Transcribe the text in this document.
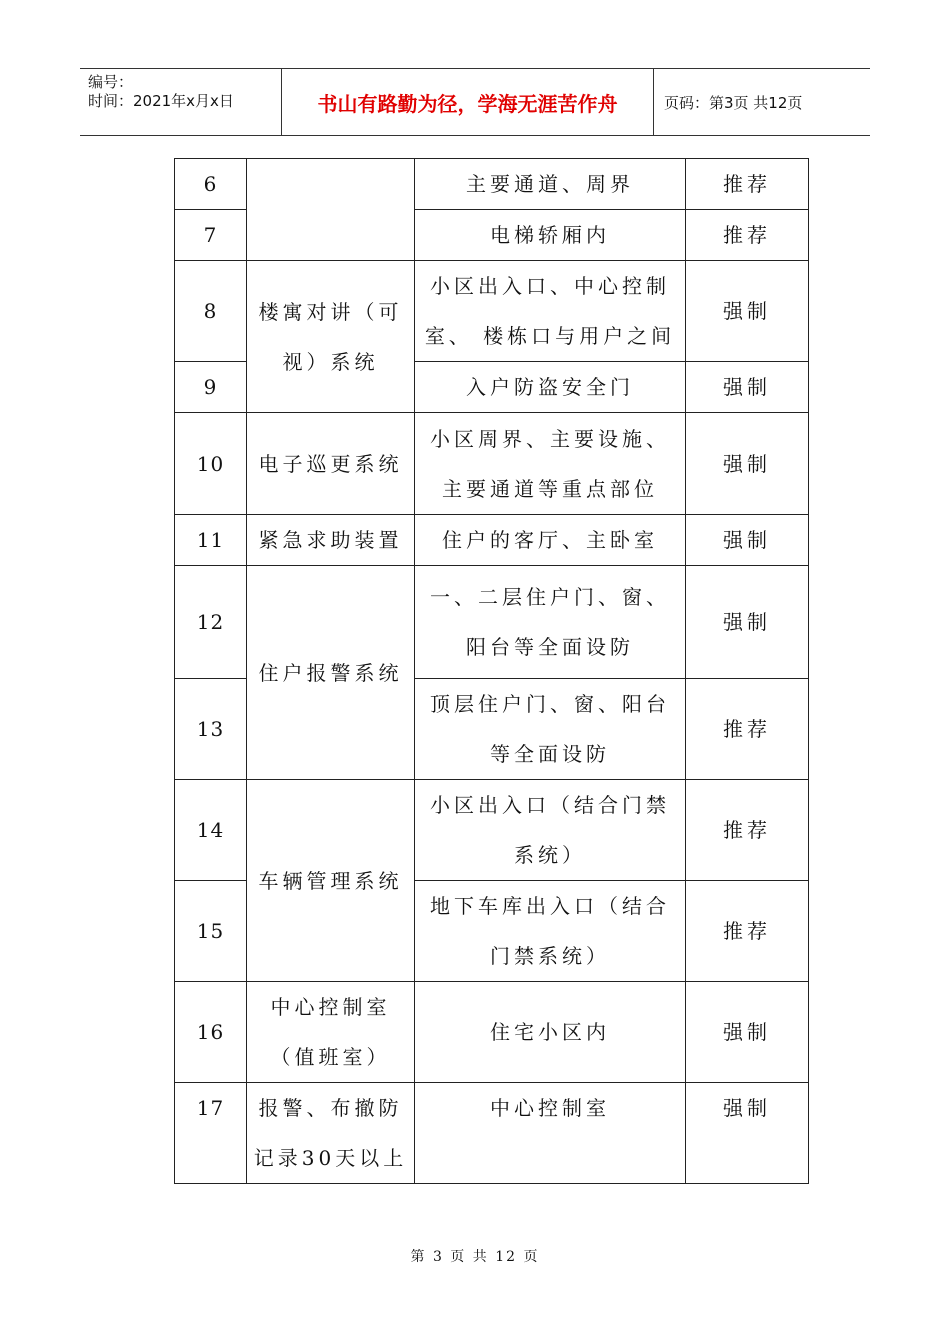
编号：
时间：2021年x月x日	书山有路勤为径，学海无涯苦作舟	页码：第3页 共12页
6		主要通道、周界	推荐
7		电梯轿厢内	推荐
8	楼寓对讲（可视）系统	小区出入口、中心控制室、 楼栋口与用户之间	强制
9		入户防盗安全门	强制
10	电子巡更系统	小区周界、主要设施、主要通道等重点部位	强制
11	紧急求助装置	住户的客厅、主卧室	强制
12	住户报警系统	一、二层住户门、窗、阳台等全面设防	强制
13		顶层住户门、窗、阳台等全面设防	推荐
14	车辆管理系统	小区出入口（结合门禁系统）	推荐
15		地下车库出入口（结合门禁系统）	推荐
16	中心控制室（值班室）	住宅小区内	强制
17	报警、布撤防记录30天以上	中心控制室	强制
第 3 页 共 12 页
